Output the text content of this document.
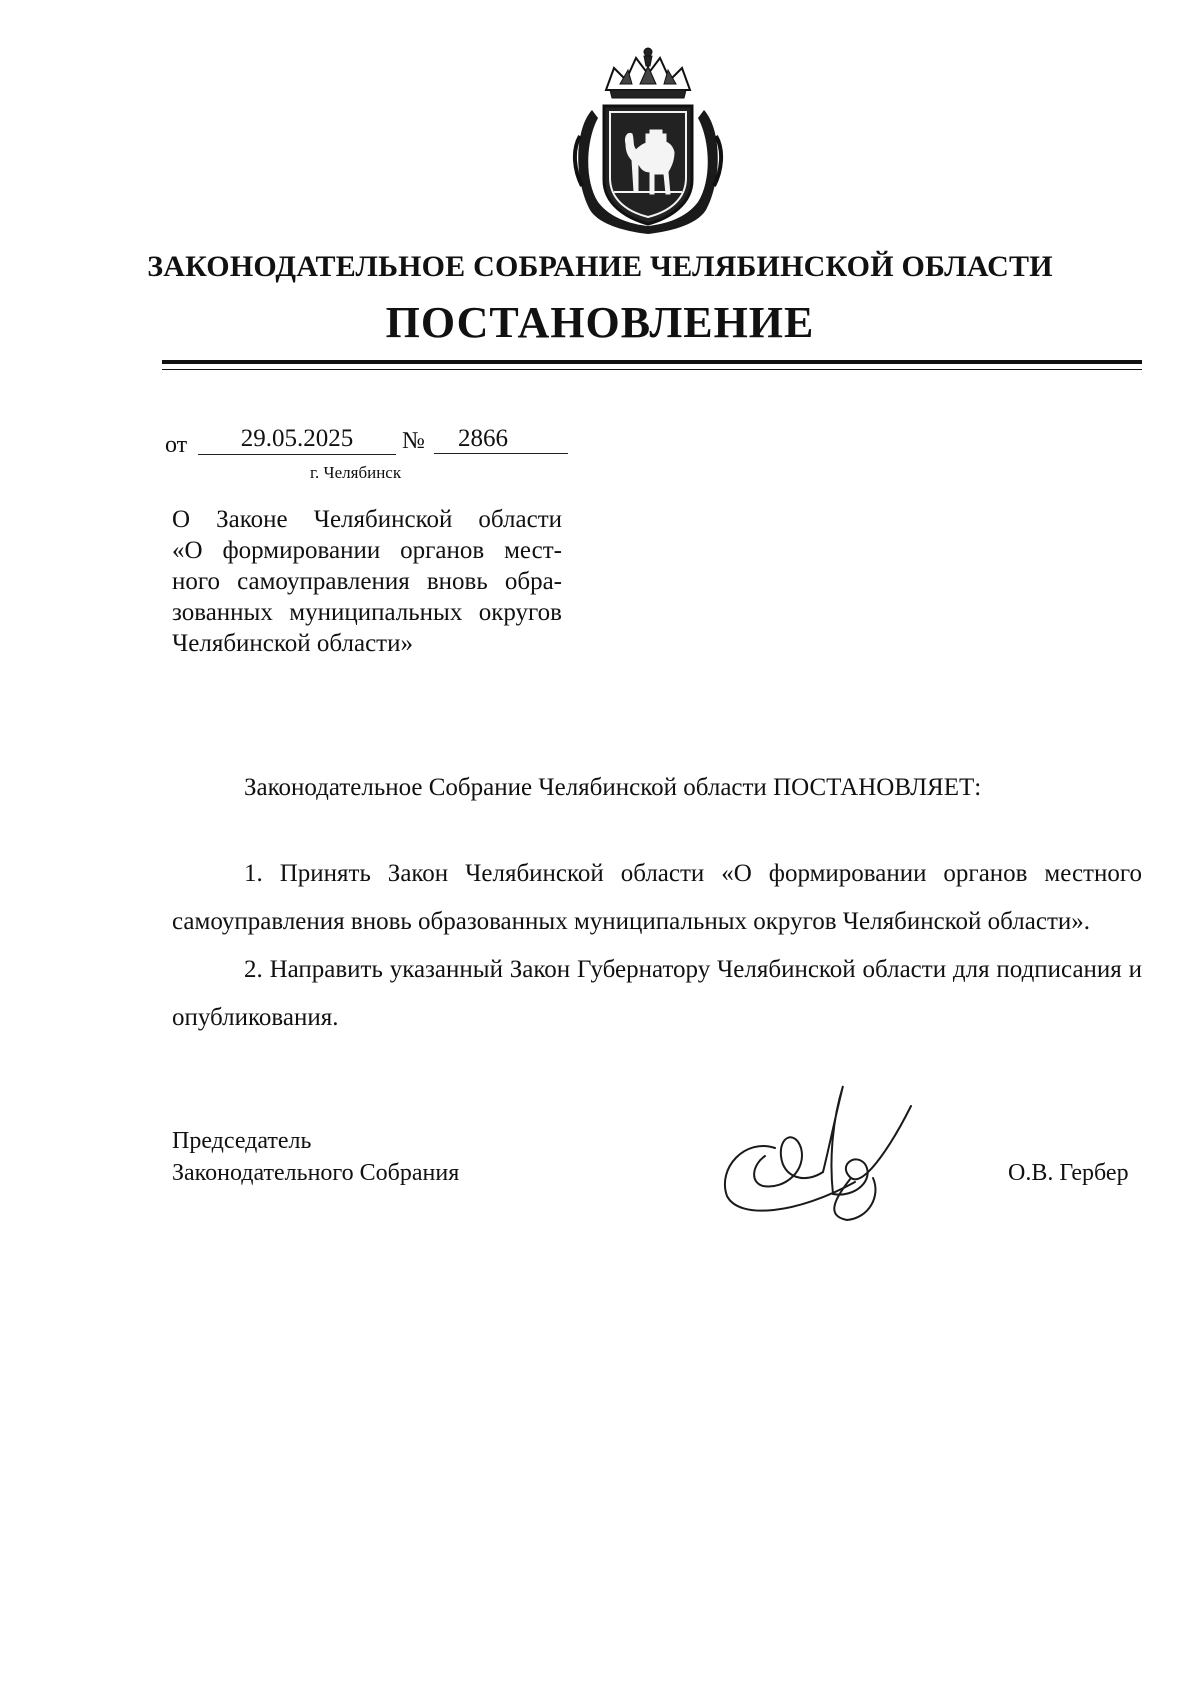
ЗАКОНОДАТЕЛЬНОЕ СОБРАНИЕ ЧЕЛЯБИНСКОЙ ОБЛАСТИ
ПОСТАНОВЛЕНИЕ
от	29.05.2025	№	2866
г. Челябинск
О Законе Челябинской области
«О формировании органов мест-
ного самоуправления вновь обра-
зованных муниципальных округов
Челябинской области»
Законодательное Собрание Челябинской области ПОСТАНОВЛЯЕТ:
1. Принять Закон Челябинской области «О формировании органов местного самоуправления вновь образованных муниципальных округов Челябинской области».
2. Направить указанный Закон Губернатору Челябинской области для подписания и опубликования.
Председатель
Законодательного Собрания	О.В. Гербер
